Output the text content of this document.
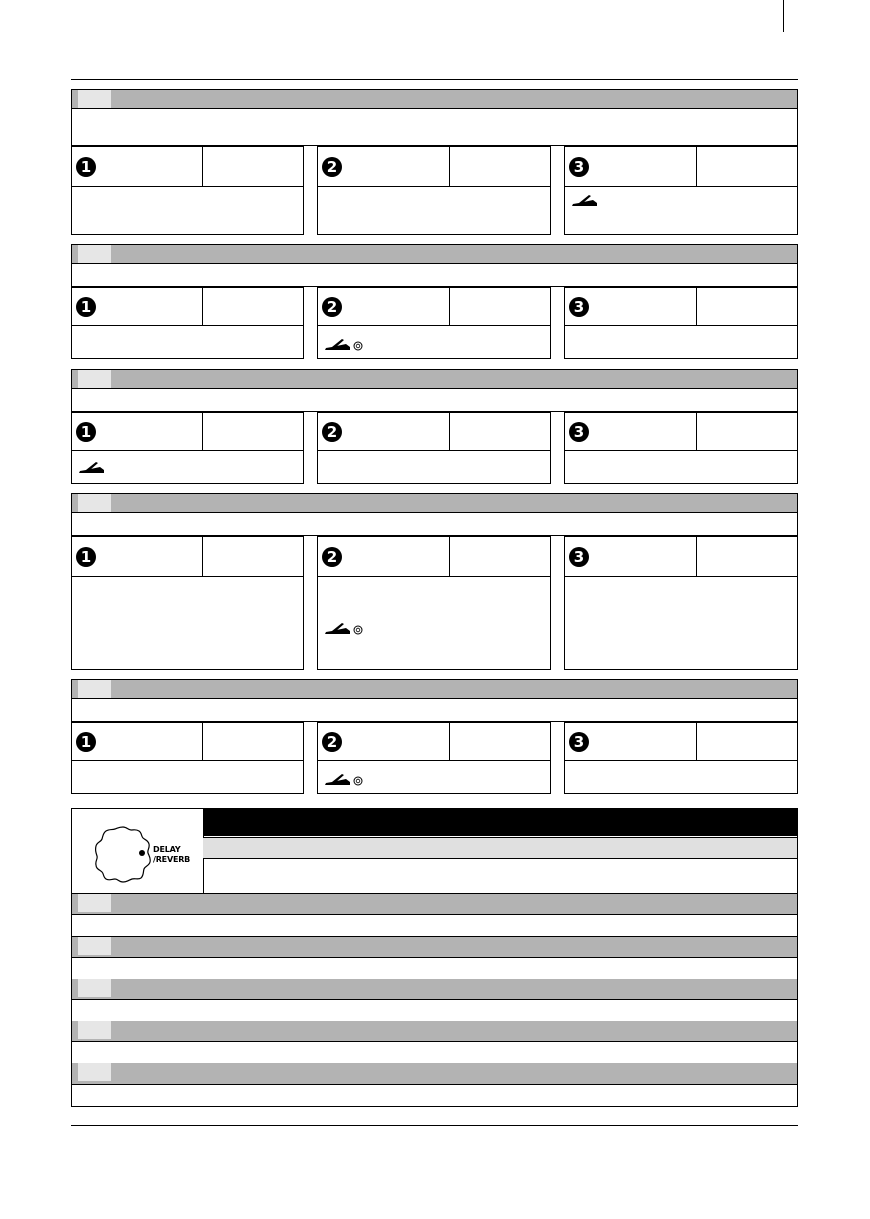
1	2	3
1	2	3
1	2	3
1	2	3
1	2	3
DELAY
/REVERB
